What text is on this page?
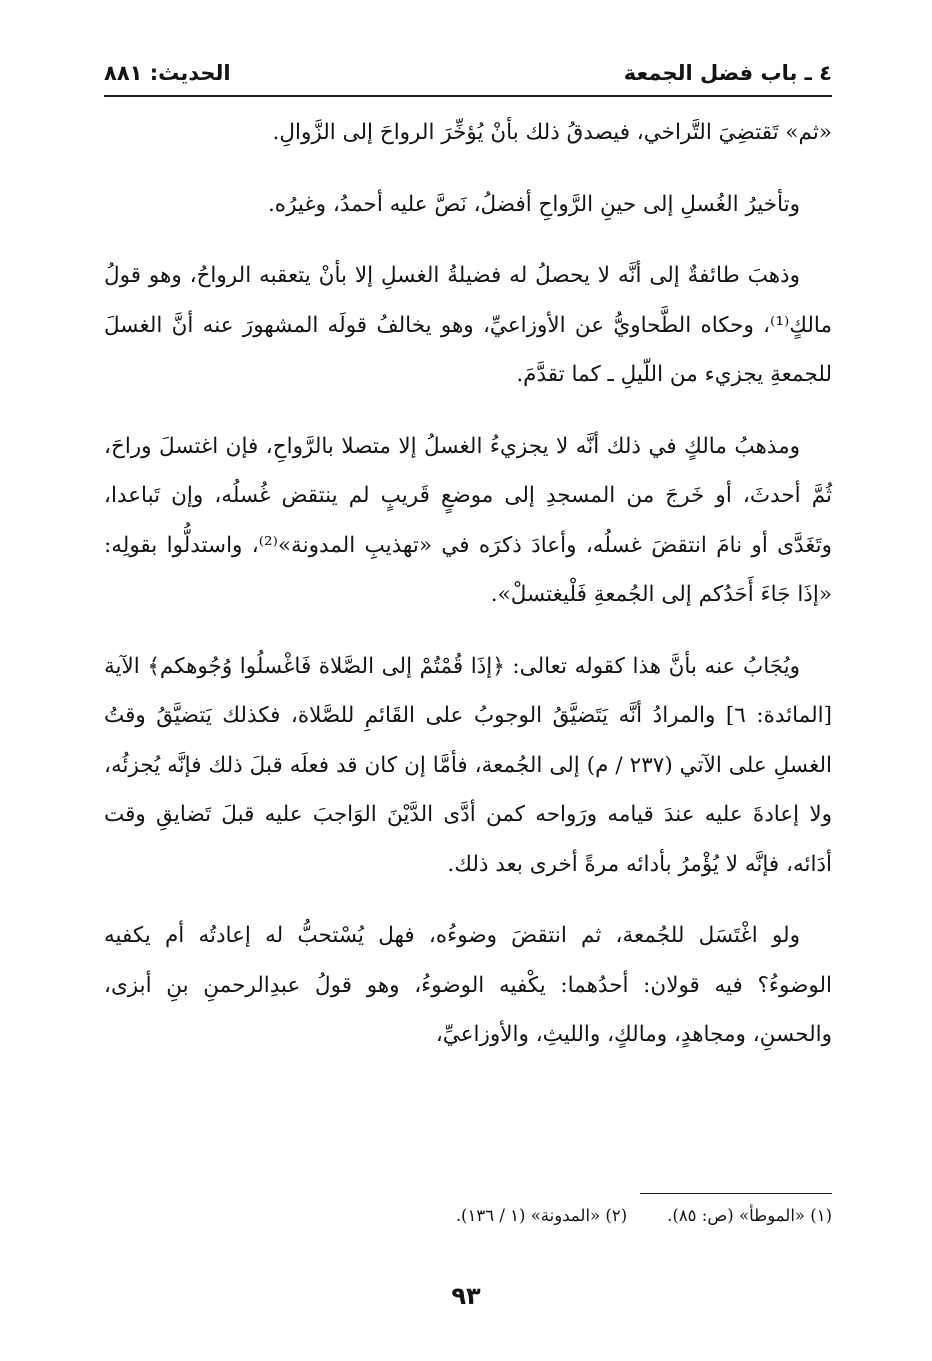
٤ ـ باب فضل الجمعة
الحديث: ٨٨١

«ثم» تَقتضِيَ التَّراخي، فيصدقُ ذلك بأنْ يُؤخِّرَ الرواحَ إلى الزَّوالِ.

وتأخيرُ الغُسلِ إلى حينِ الرَّواحِ أفضلُ، نَصَّ عليه أحمدُ، وغيرُه.

وذهبَ طائفةٌ إلى أنَّه لا يحصلُ له فضيلةُ الغسلِ إلا بأنْ يتعقبه الرواحُ، وهو قولُ مالكٍ⁽¹⁾، وحكاه الطَّحاويُّ عن الأوزاعيِّ، وهو يخالفُ قولَه المشهورَ عنه أنَّ الغسلَ للجمعةِ يجزيء من اللّيلِ ـ كما تقدَّمَ.

ومذهبُ مالكٍ في ذلك أنَّه لا يجزيءُ الغسلُ إلا متصلا بالرَّواحِ، فإن اغتسلَ وراحَ، ثُمَّ أحدثَ، أو خَرجَ من المسجدِ إلى موضعٍ قَريبٍ لم ينتقض غُسلُه، وإن تَباعدا، وتَغَدَّى أو نامَ انتقضَ غسلُه، وأعادَ ذكرَه في «تهذيبِ المدونة»⁽²⁾، واستدلُّوا بقولِه: «إذَا جَاءَ أَحَدُكم إلى الجُمعةِ فَلْيغتسلْ».

ويُجَابُ عنه بأنَّ هذا كقوله تعالى: ﴿إذَا قُمْتُمْ إلى الصَّلاة فَاغْسلُوا وُجُوهكم﴾ الآية [المائدة: ٦] والمرادُ أنَّه يَتَضيَّقُ الوجوبُ على القَائمِ للصَّلاة، فكذلك يَتضيَّقُ وقتُ الغسلِ على الآتي (٢٣٧ / م) إلى الجُمعة، فأمَّا إن كان قد فعلَه قبلَ ذلك فإنَّه يُجزئُه، ولا إعادةَ عليه عندَ قيامه ورَواحه كمن أدَّى الدَّيْنَ الوَاجبَ عليه قبلَ تَضايقِ وقت أدَائه، فإنَّه لا يُؤْمرُ بأدائه مرةً أخرى بعد ذلك.

ولو اغْتَسَل للجُمعة، ثم انتقضَ وضوءُه، فهل يُسْتحبُّ له إعادتُه أم يكفيه الوضوءُ؟ فيه قولان: أحدُهما: يكْفيه الوضوءُ، وهو قولُ عبدِالرحمنِ بنِ أبزى، والحسنِ، ومجاهدٍ، ومالكٍ، والليثِ، والأوزاعيِّ،

(١) «الموطأ» (ص: ٨٥).
(٢) «المدونة» (١ / ١٣٦).
٩٣
